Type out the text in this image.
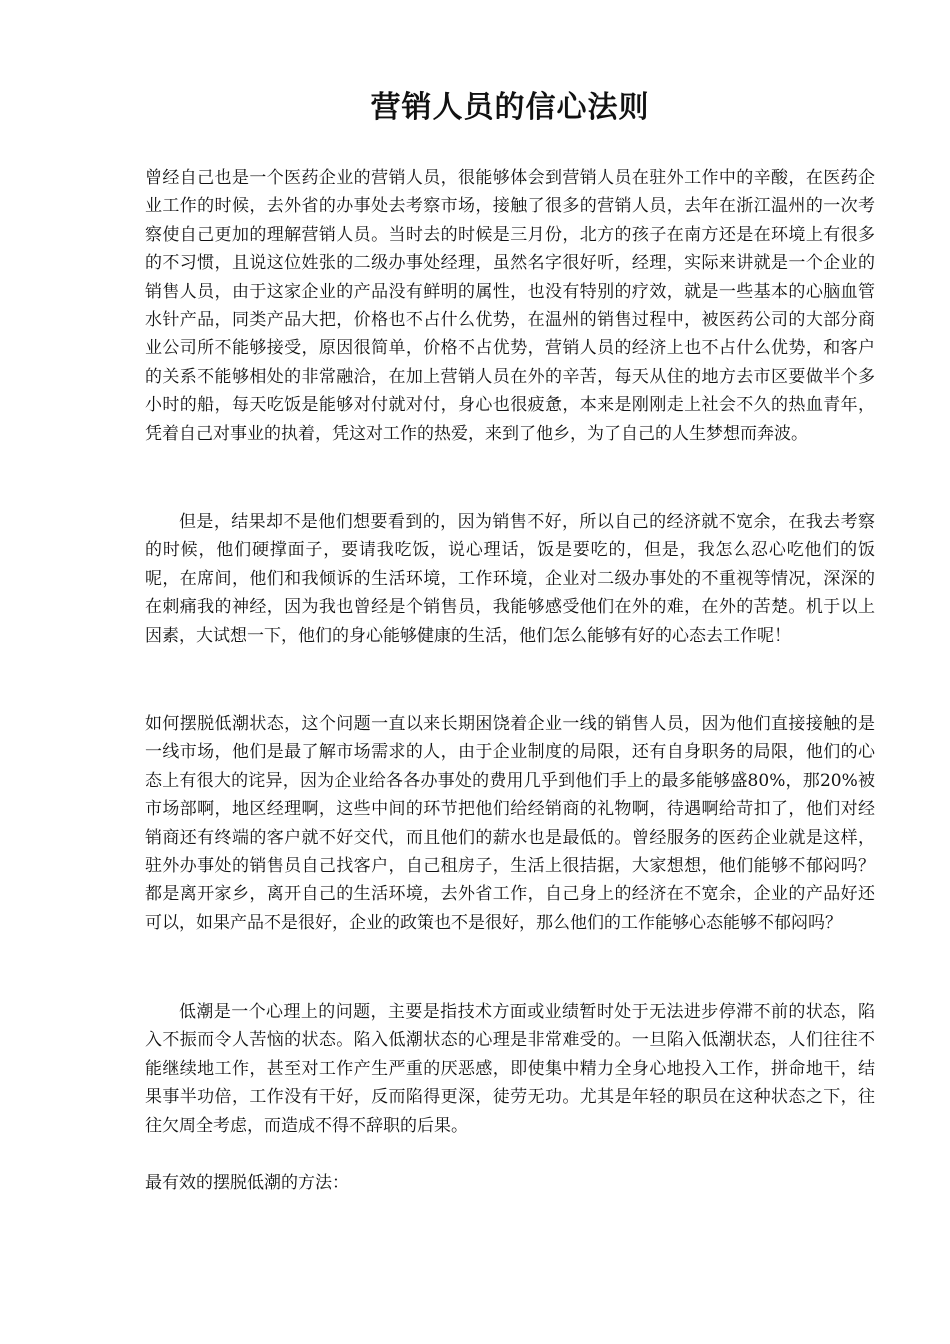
营销人员的信心法则

曾经自己也是一个医药企业的营销人员，很能够体会到营销人员在驻外工作中的辛酸，在医药企业工作的时候，去外省的办事处去考察市场，接触了很多的营销人员，去年在浙江温州的一次考察使自己更加的理解营销人员。当时去的时候是三月份，北方的孩子在南方还是在环境上有很多的不习惯，且说这位姓张的二级办事处经理，虽然名字很好听，经理，实际来讲就是一个企业的销售人员，由于这家企业的产品没有鲜明的属性，也没有特别的疗效，就是一些基本的心脑血管水针产品，同类产品大把，价格也不占什么优势，在温州的销售过程中，被医药公司的大部分商业公司所不能够接受，原因很简单，价格不占优势，营销人员的经济上也不占什么优势，和客户的关系不能够相处的非常融洽，在加上营销人员在外的辛苦，每天从住的地方去市区要做半个多小时的船，每天吃饭是能够对付就对付，身心也很疲惫，本来是刚刚走上社会不久的热血青年，凭着自己对事业的执着，凭这对工作的热爱，来到了他乡，为了自己的人生梦想而奔波。

但是，结果却不是他们想要看到的，因为销售不好，所以自己的经济就不宽余，在我去考察的时候，他们硬撑面子，要请我吃饭，说心理话，饭是要吃的，但是，我怎么忍心吃他们的饭呢，在席间，他们和我倾诉的生活环境，工作环境，企业对二级办事处的不重视等情况，深深的在刺痛我的神经，因为我也曾经是个销售员，我能够感受他们在外的难，在外的苦楚。机于以上因素，大试想一下，他们的身心能够健康的生活，他们怎么能够有好的心态去工作呢！

如何摆脱低潮状态，这个问题一直以来长期困饶着企业一线的销售人员，因为他们直接接触的是一线市场，他们是最了解市场需求的人，由于企业制度的局限，还有自身职务的局限，他们的心态上有很大的诧异，因为企业给各各办事处的费用几乎到他们手上的最多能够盛80%，那20%被市场部啊，地区经理啊，这些中间的环节把他们给经销商的礼物啊，待遇啊给苛扣了，他们对经销商还有终端的客户就不好交代，而且他们的薪水也是最低的。曾经服务的医药企业就是这样，驻外办事处的销售员自己找客户，自己租房子，生活上很拮据，大家想想，他们能够不郁闷吗？都是离开家乡，离开自己的生活环境，去外省工作，自己身上的经济在不宽余，企业的产品好还可以，如果产品不是很好，企业的政策也不是很好，那么他们的工作能够心态能够不郁闷吗？

低潮是一个心理上的问题，主要是指技术方面或业绩暂时处于无法进步停滞不前的状态，陷入不振而令人苦恼的状态。陷入低潮状态的心理是非常难受的。一旦陷入低潮状态，人们往往不能继续地工作，甚至对工作产生严重的厌恶感，即使集中精力全身心地投入工作，拼命地干，结果事半功倍，工作没有干好，反而陷得更深，徒劳无功。尤其是年轻的职员在这种状态之下，往往欠周全考虑，而造成不得不辞职的后果。

最有效的摆脱低潮的方法：
